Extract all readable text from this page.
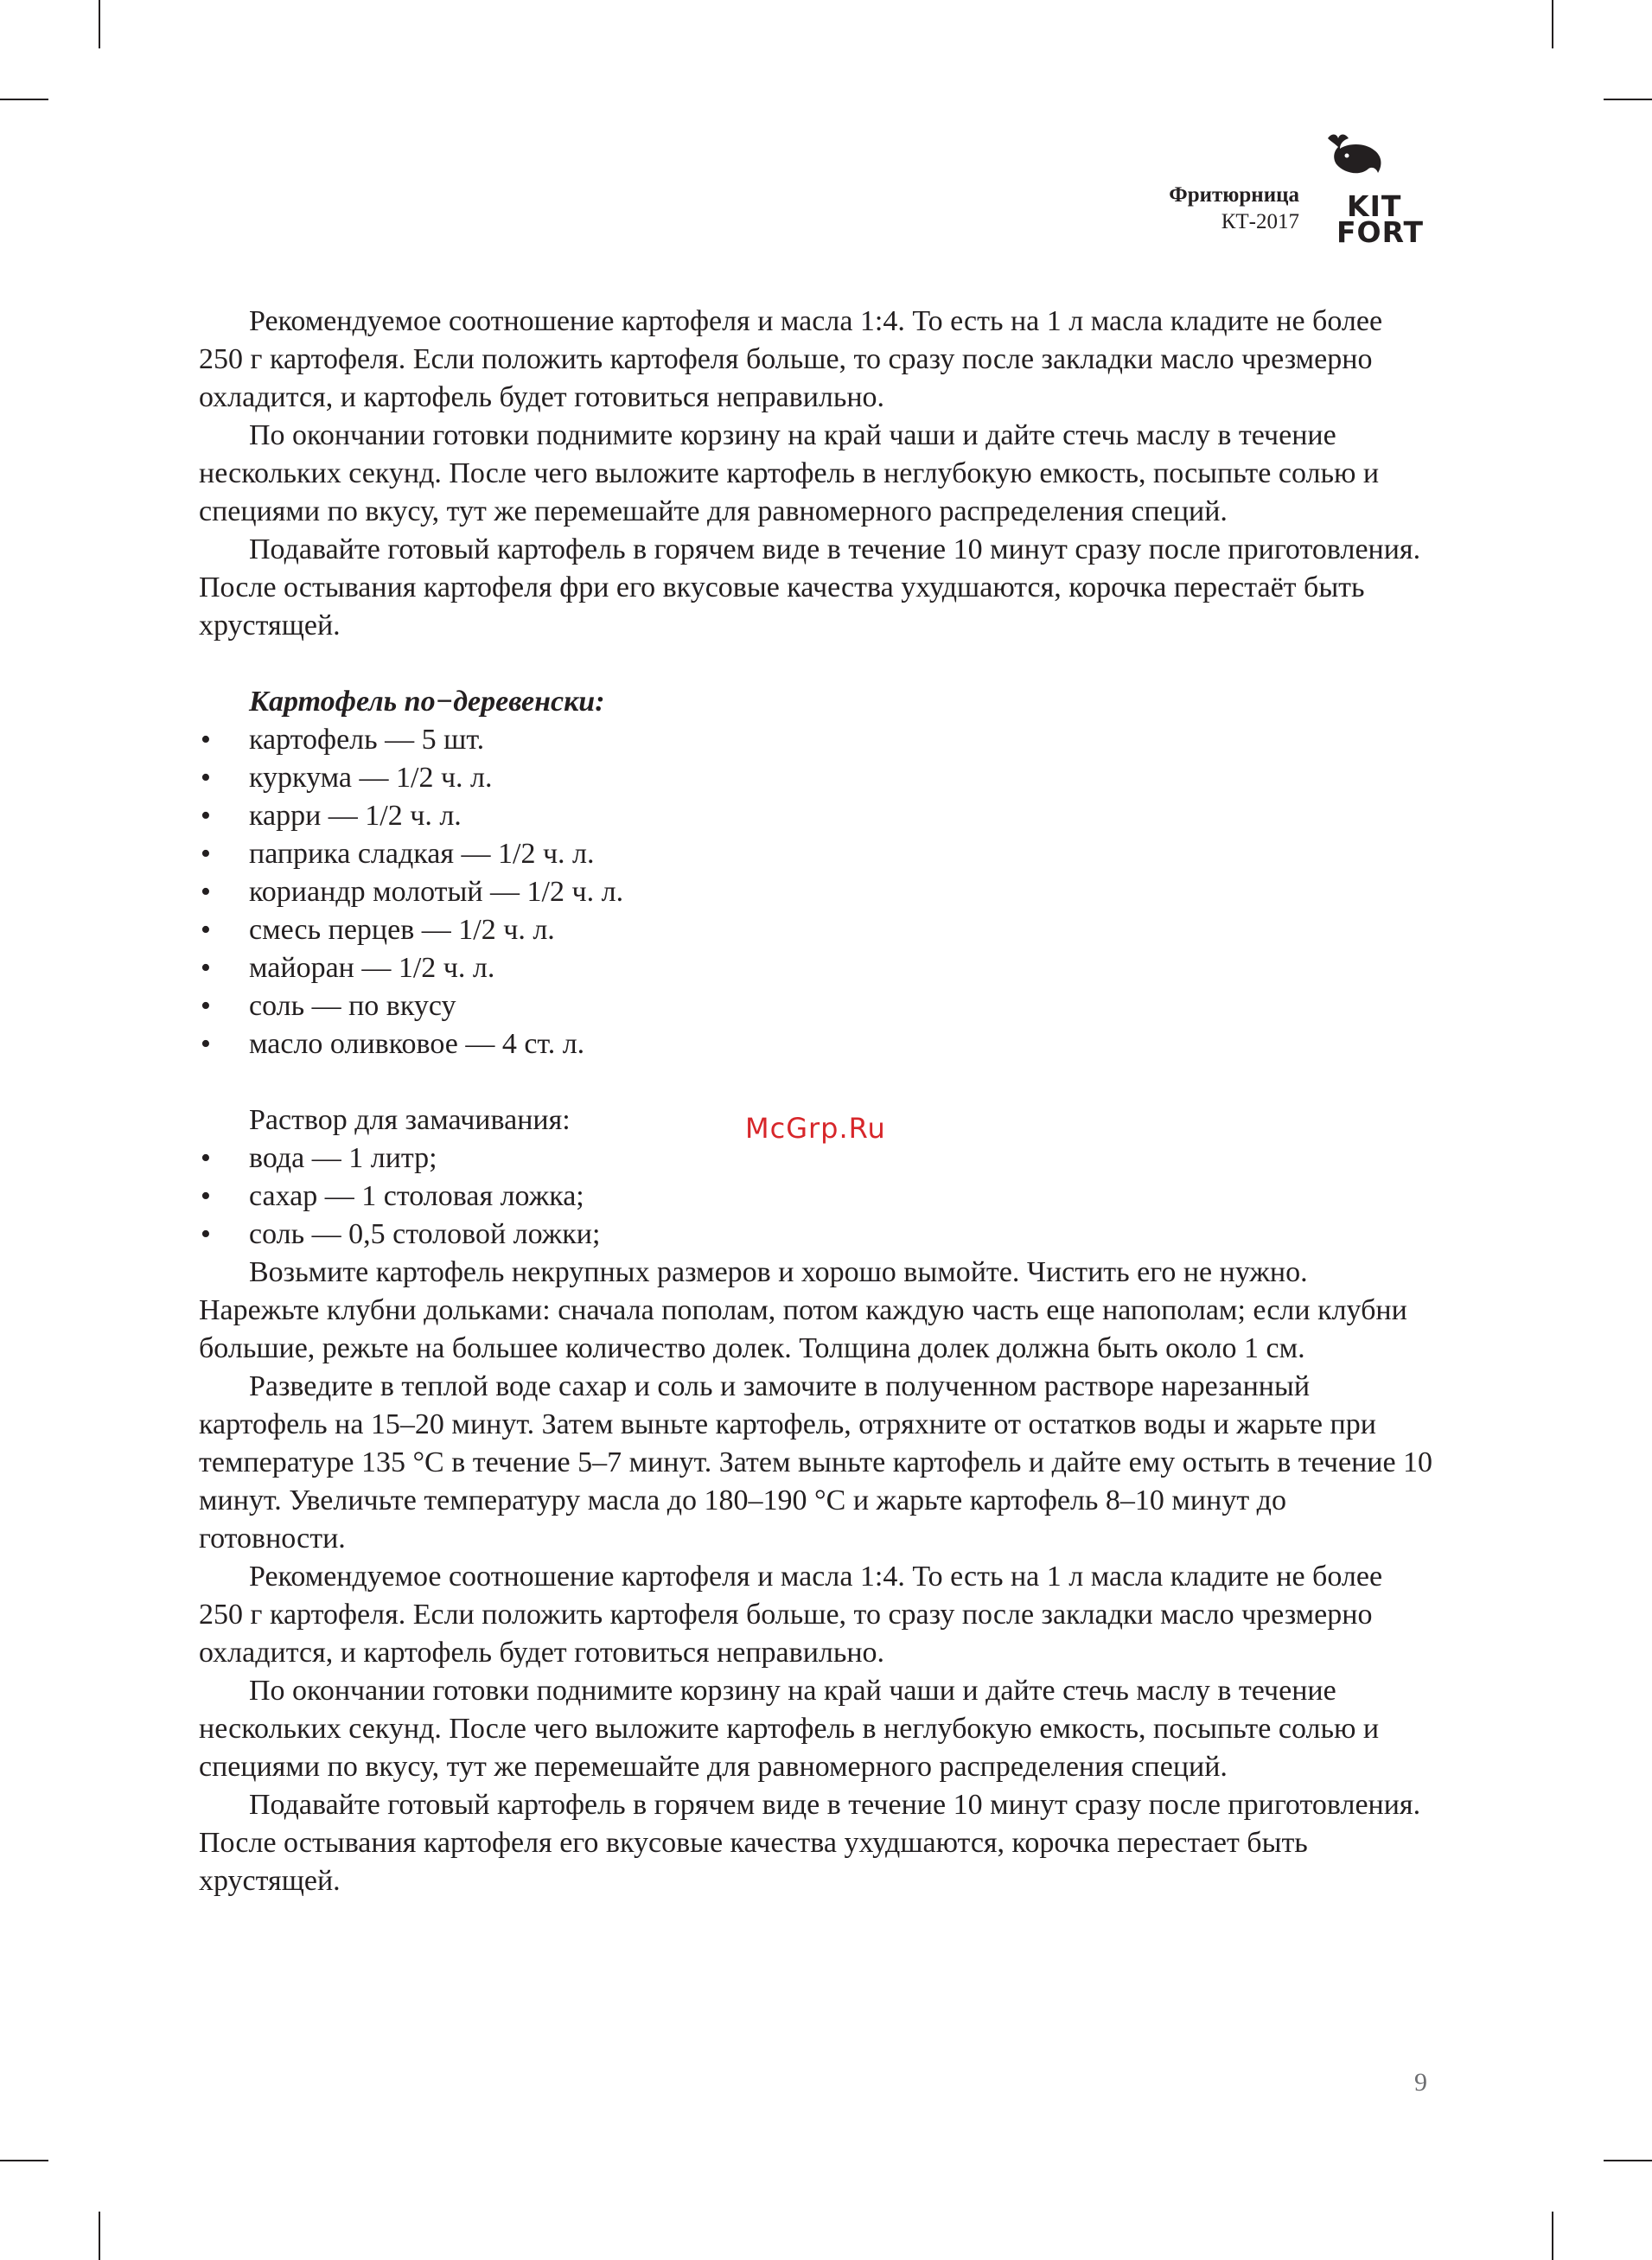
Фритюрница
КТ-2017 KIT
FORT

Рекомендуемое соотношение картофеля и масла 1:4. То есть на 1 л масла кладите не более 250 г картофеля. Если положить картофеля больше, то сразу после закладки масло чрезмерно охладится, и картофель будет готовиться неправильно.

По окончании готовки поднимите корзину на край чаши и дайте стечь маслу в течение нескольких секунд. После чего выложите картофель в неглубокую емкость, посыпьте солью и специями по вкусу, тут же перемешайте для равномерного распределения специй.

Подавайте готовый картофель в горячем виде в течение 10 минут сразу после приготовления. После остывания картофеля фри его вкусовые качества ухудшаются, корочка перестаёт быть хрустящей.

Картофель по−деревенски:
• картофель — 5 шт.
• куркума — 1/2 ч. л.
• карри — 1/2 ч. л.
• паприка сладкая — 1/2 ч. л.
• кориандр молотый — 1/2 ч. л.
• смесь перцев — 1/2 ч. л.
• майоран — 1/2 ч. л.
• соль — по вкусу
• масло оливковое — 4 ст. л.
Раствор для замачивания:
• вода — 1 литр;
• сахар — 1 столовая ложка;
• соль — 0,5 столовой ложки;

Возьмите картофель некрупных размеров и хорошо вымойте. Чистить его не нужно. Нарежьте клубни дольками: сначала пополам, потом каждую часть еще напополам; если клубни большие, режьте на большее количество долек. Толщина долек должна быть около 1 см.

Разведите в теплой воде сахар и соль и замочите в полученном растворе нарезанный картофель на 15–20 минут. Затем выньте картофель, отряхните от остатков воды и жарьте при температуре 135 °С в течение 5–7 минут. Затем выньте картофель и дайте ему остыть в течение 10 минут. Увеличьте температуру масла до 180–190 °С и жарьте картофель 8–10 минут до готовности.

Рекомендуемое соотношение картофеля и масла 1:4. То есть на 1 л масла кладите не более 250 г картофеля. Если положить картофеля больше, то сразу после закладки масло чрезмерно охладится, и картофель будет готовиться неправильно.

По окончании готовки поднимите корзину на край чаши и дайте стечь маслу в течение нескольких секунд. После чего выложите картофель в неглубокую емкость, посыпьте солью и специями по вкусу, тут же перемешайте для равномерного распределения специй.

Подавайте готовый картофель в горячем виде в течение 10 минут сразу после приготовления. После остывания картофеля его вкусовые качества ухудшаются, корочка перестает быть хрустящей.

McGrp.Ru
9
